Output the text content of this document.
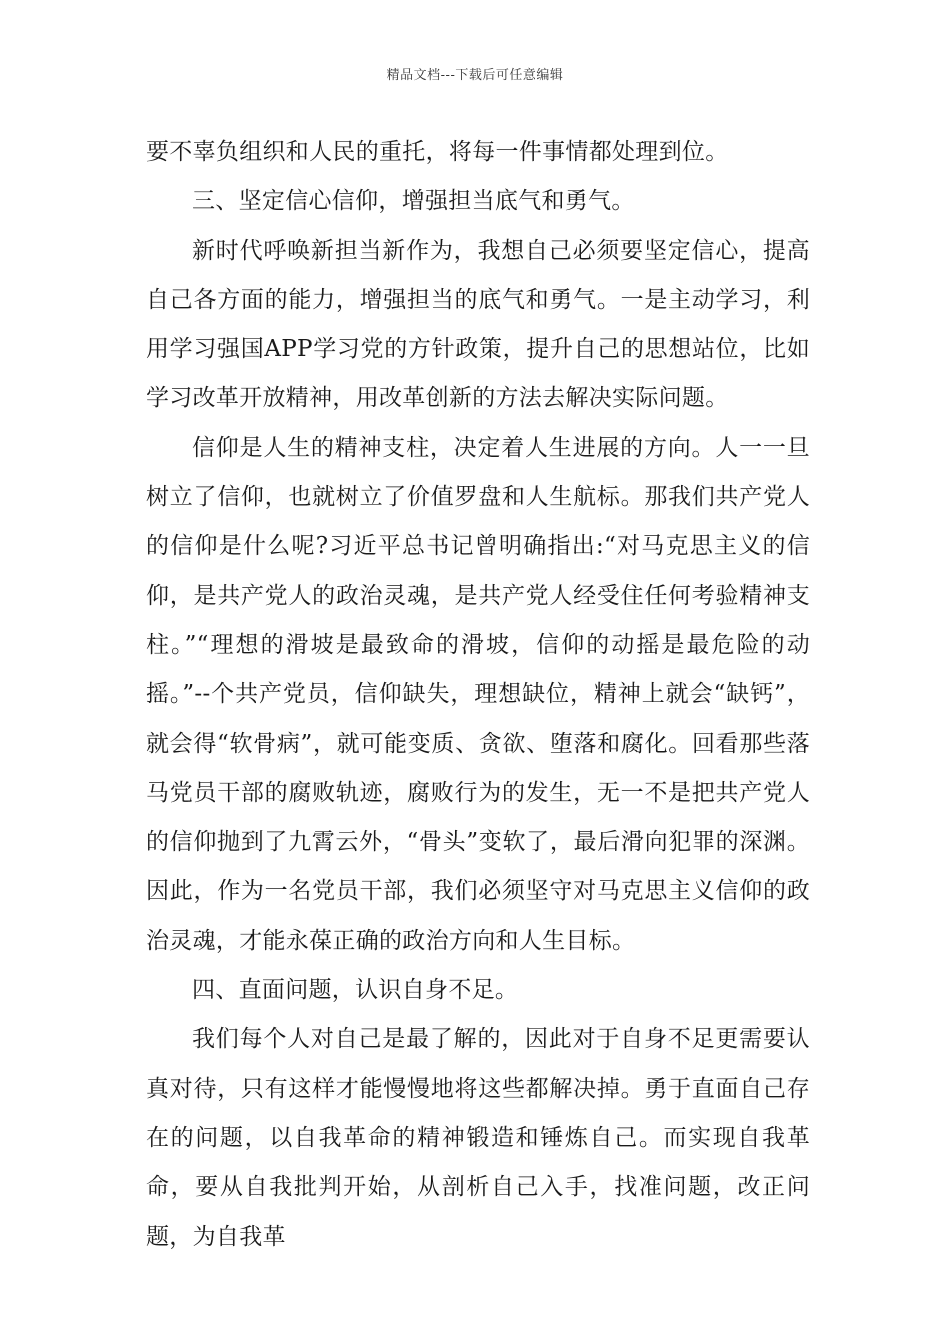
精品文档---下载后可任意编辑

要不辜负组织和人民的重托，将每一件事情都处理到位。

三、坚定信心信仰，增强担当底气和勇气。

新时代呼唤新担当新作为，我想自己必须要坚定信心，提高自己各方面的能力，增强担当的底气和勇气。一是主动学习，利用学习强国APP学习党的方针政策，提升自己的思想站位，比如学习改革开放精神，用改革创新的方法去解决实际问题。

信仰是人生的精神支柱，决定着人生进展的方向。人一一旦树立了信仰，也就树立了价值罗盘和人生航标。那我们共产党人的信仰是什么呢?习近平总书记曾明确指出:“对马克思主义的信仰，是共产党人的政治灵魂，是共产党人经受住任何考验精神支柱。”“理想的滑坡是最致命的滑坡，信仰的动摇是最危险的动摇。”--个共产党员，信仰缺失，理想缺位，精神上就会“缺钙”，就会得“软骨病”，就可能变质、贪欲、堕落和腐化。回看那些落马党员干部的腐败轨迹，腐败行为的发生，无一不是把共产党人的信仰抛到了九霄云外，“骨头”变软了，最后滑向犯罪的深渊。因此，作为一名党员干部，我们必须坚守对马克思主义信仰的政治灵魂，才能永葆正确的政治方向和人生目标。

四、直面问题，认识自身不足。

我们每个人对自己是最了解的，因此对于自身不足更需要认真对待，只有这样才能慢慢地将这些都解决掉。勇于直面自己存在的问题，以自我革命的精神锻造和锤炼自己。而实现自我革命，要从自我批判开始，从剖析自己入手，找准问题，改正问题，为自我革
